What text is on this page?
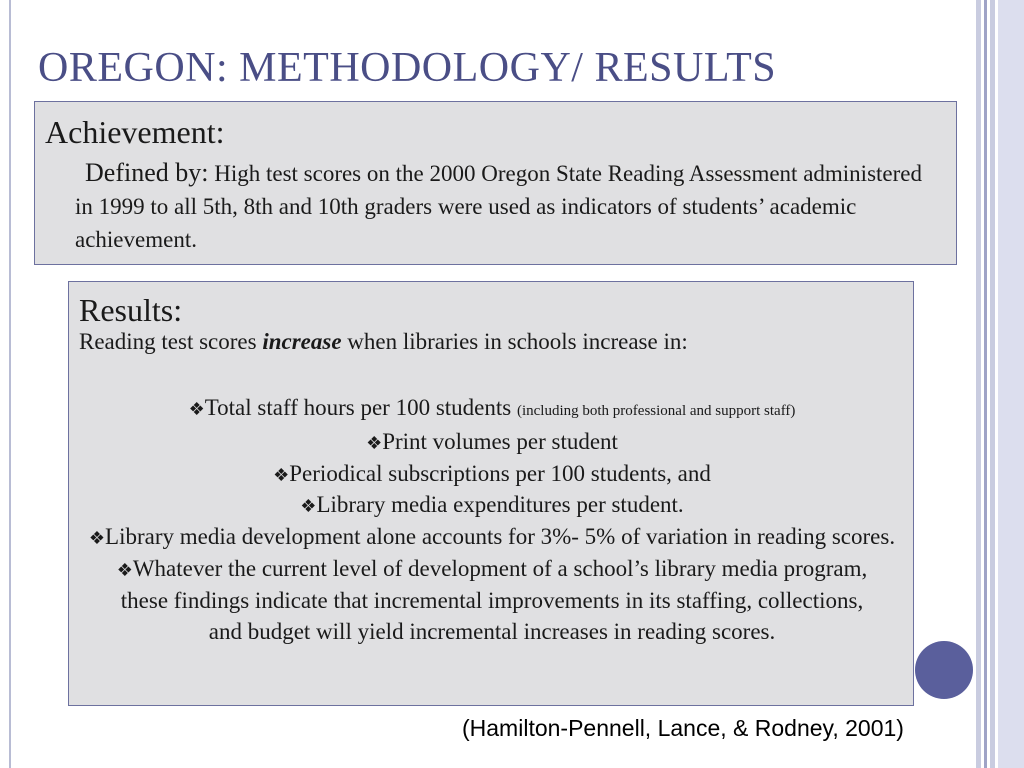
OREGON: METHODOLOGY/ RESULTS
Achievement:
Defined by: High test scores on the 2000 Oregon State Reading Assessment administered in 1999 to all 5th, 8th and 10th graders were used as indicators of students’ academic achievement.
Results:
Reading test scores increase when libraries in schools increase in:

❖Total staff hours per 100 students (including both professional and support staff)

❖Print volumes per student

❖Periodical subscriptions per 100 students, and

❖Library media expenditures per student.

❖Library media development alone accounts for 3%- 5% of variation in reading scores.

❖Whatever the current level of development of a school’s library media program, these findings indicate that incremental improvements in its staffing, collections, and budget will yield incremental increases in reading scores.

(Hamilton-Pennell, Lance, & Rodney, 2001)
